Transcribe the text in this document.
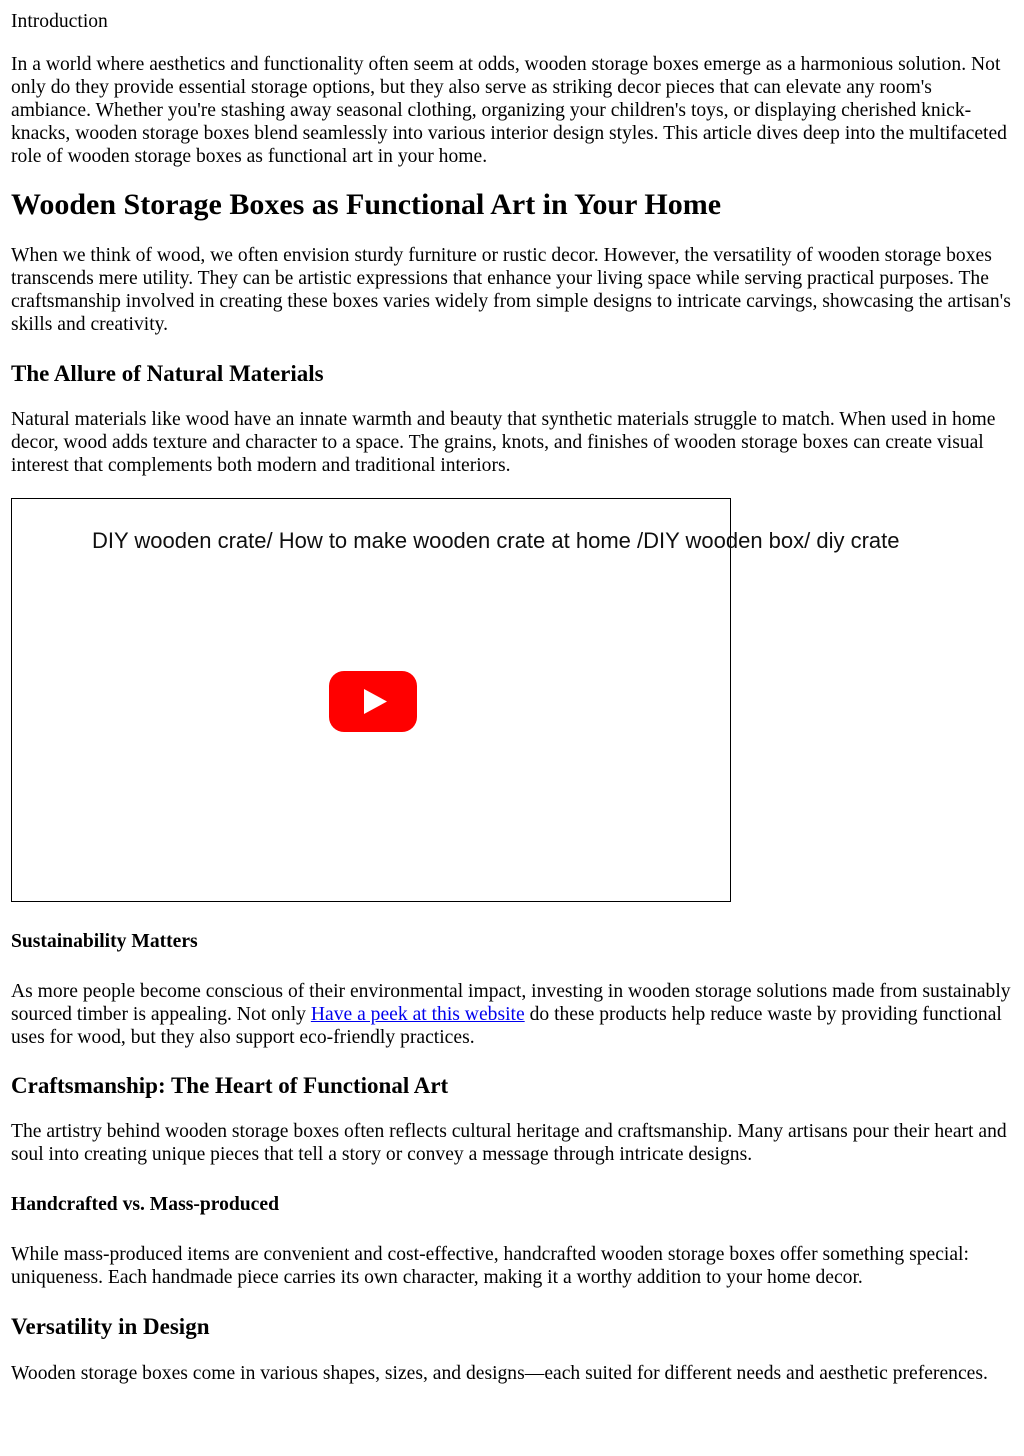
Introduction

In a world where aesthetics and functionality often seem at odds, wooden storage boxes emerge as a harmonious solution. Not only do they provide essential storage options, but they also serve as striking decor pieces that can elevate any room's ambiance. Whether you're stashing away seasonal clothing, organizing your children's toys, or displaying cherished knick-knacks, wooden storage boxes blend seamlessly into various interior design styles. This article dives deep into the multifaceted role of wooden storage boxes as functional art in your home.

Wooden Storage Boxes as Functional Art in Your Home

When we think of wood, we often envision sturdy furniture or rustic decor. However, the versatility of wooden storage boxes transcends mere utility. They can be artistic expressions that enhance your living space while serving practical purposes. The craftsmanship involved in creating these boxes varies widely from simple designs to intricate carvings, showcasing the artisan's skills and creativity.

The Allure of Natural Materials

Natural materials like wood have an innate warmth and beauty that synthetic materials struggle to match. When used in home decor, wood adds texture and character to a space. The grains, knots, and finishes of wooden storage boxes can create visual interest that complements both modern and traditional interiors.

DIY wooden crate/ How to make wooden crate at home /DIY wooden box/ diy crate
Sustainability Matters

As more people become conscious of their environmental impact, investing in wooden storage solutions made from sustainably sourced timber is appealing. Not only Have a peek at this website do these products help reduce waste by providing functional uses for wood, but they also support eco-friendly practices.

Craftsmanship: The Heart of Functional Art

The artistry behind wooden storage boxes often reflects cultural heritage and craftsmanship. Many artisans pour their heart and soul into creating unique pieces that tell a story or convey a message through intricate designs.

Handcrafted vs. Mass-produced

While mass-produced items are convenient and cost-effective, handcrafted wooden storage boxes offer something special: uniqueness. Each handmade piece carries its own character, making it a worthy addition to your home decor.

Versatility in Design

Wooden storage boxes come in various shapes, sizes, and designs—each suited for different needs and aesthetic preferences.
